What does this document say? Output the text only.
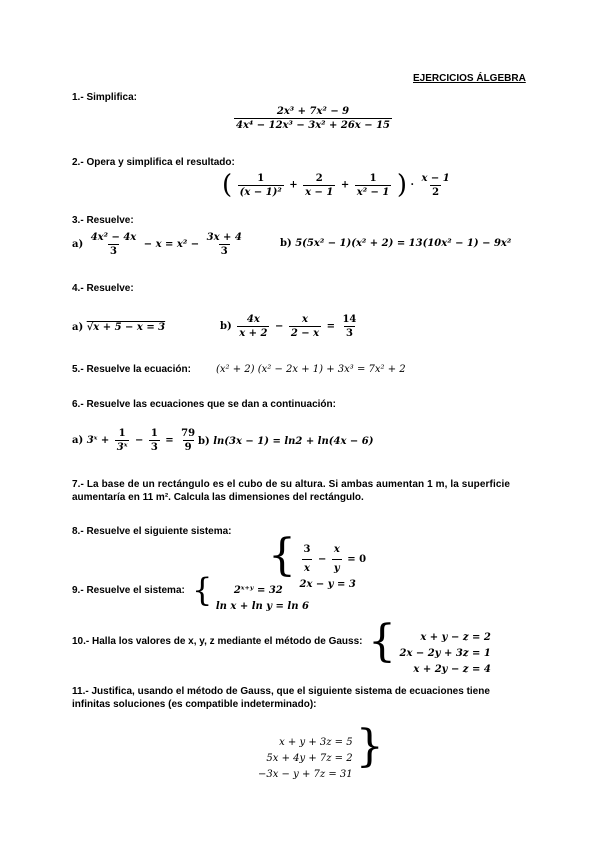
EJERCICIOS ÁLGEBRA
1.- Simplifica:
$\frac{\text{2x³ + 7x² − 9}}{\text{4x⁴ − 12x³ − 3x² + 26x − 15}}$
2.- Opera y simplifica el resultado:
( $\frac{1}{\text{(x − 1)²}} + \frac{2}{x - 1} + \frac{1}{\text{x² − 1}}$ ) · $\frac{x - 1}{2}$
3.- Resuelve:
$a) \frac{\text{4x² − 4x}}{3} - x = x^2 - \frac{3x + 4}{3}$	b) 5(5x² − 1)(x² + 2) = 13(10x² − 1) − 9x²
4.- Resuelve:
a) √x + 5 − x = 3	$b) \frac{4x}{x + 2} - \frac{x}{2 - x} = \frac{14}{3}$
5.- Resuelve la ecuación:	(x² + 2) (x² − 2x + 1) + 3x³ = 7x² + 2
6.- Resuelve las ecuaciones que se dan a continuación:
a) 3ˣ + $\frac{1}{\text{3ˣ}} - \frac{1}{3} = \frac{79}{9} b$) ln(3x − 1) = ln2 + ln(4x − 6)
7.- La base de un rectángulo es el cubo de su altura. Si ambas aumentan 1 m, la superficie
aumentaría en 11 m². Calcula las dimensiones del rectángulo.
8.- Resuelve el siguiente sistema: { $\frac{3}{x} - \frac{x}{y} = 0$
2x − y = 3
9.- Resuelve el sistema: {	2ˣ⁺ʸ = 32
ln x + ln y = ln 6
10.- Halla los valores de x, y, z mediante el método de Gauss: { x + y − z = 2
2x − 2y + 3z = 1
x + 2y − z = 4
11.- Justifica, usando el método de Gauss, que el siguiente sistema de ecuaciones tiene
infinitas soluciones (es compatible indeterminado):
x + y + 3z = 5
5x + 4y + 7z = 2
−3x − y + 7z = 31
}
